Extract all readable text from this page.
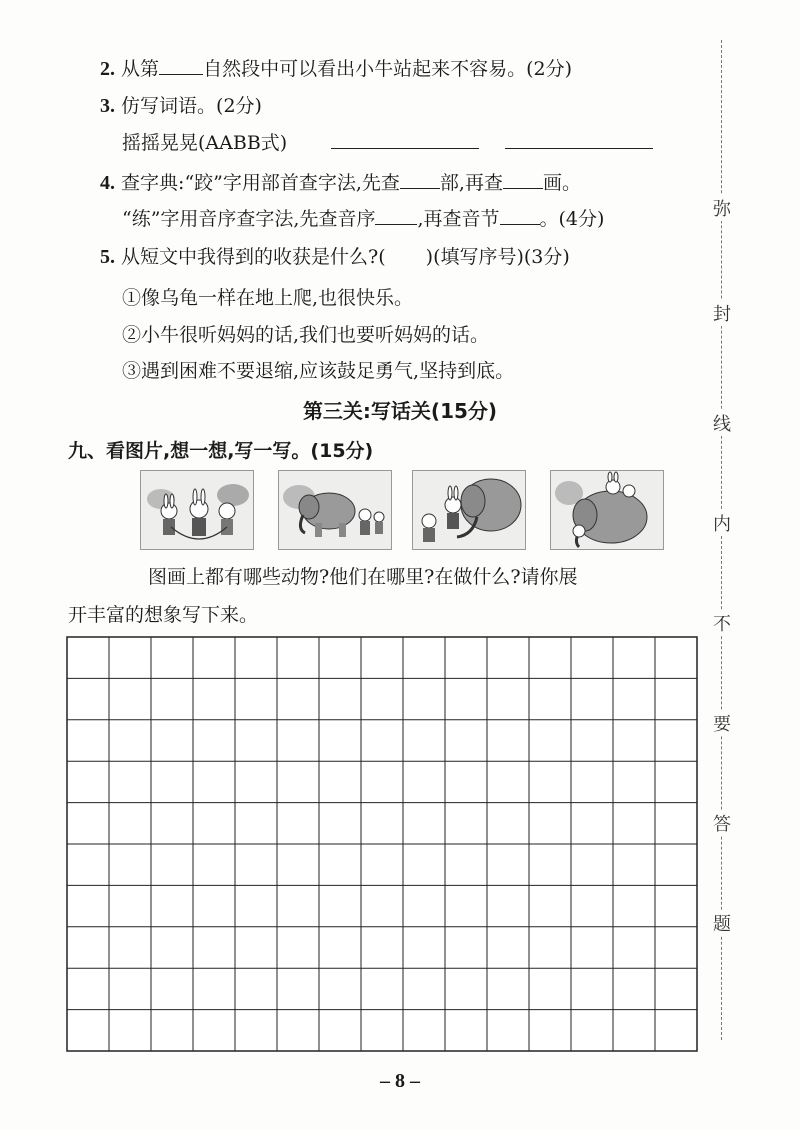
2. 从第 自然段中可以看出小牛站起来不容易。(2分)
3. 仿写词语。(2分)
摇摇晃晃(AABB式)
4. 查字典:“跤”字用部首查字法,先查 部,再查 画。
“练”字用音序查字法,先查音序 ,再查音节 。(4分)
5. 从短文中我得到的收获是什么?( )(填写序号)(3分)
①像乌龟一样在地上爬,也很快乐。
②小牛很听妈妈的话,我们也要听妈妈的话。
③遇到困难不要退缩,应该鼓足勇气,坚持到底。
第三关:写话关(15分)
九、看图片,想一想,写一写。(15分)
图画上都有哪些动物?他们在哪里?在做什么?请你展
开丰富的想象写下来。
弥
封
线
内
不
要
答
题
– 8 –
